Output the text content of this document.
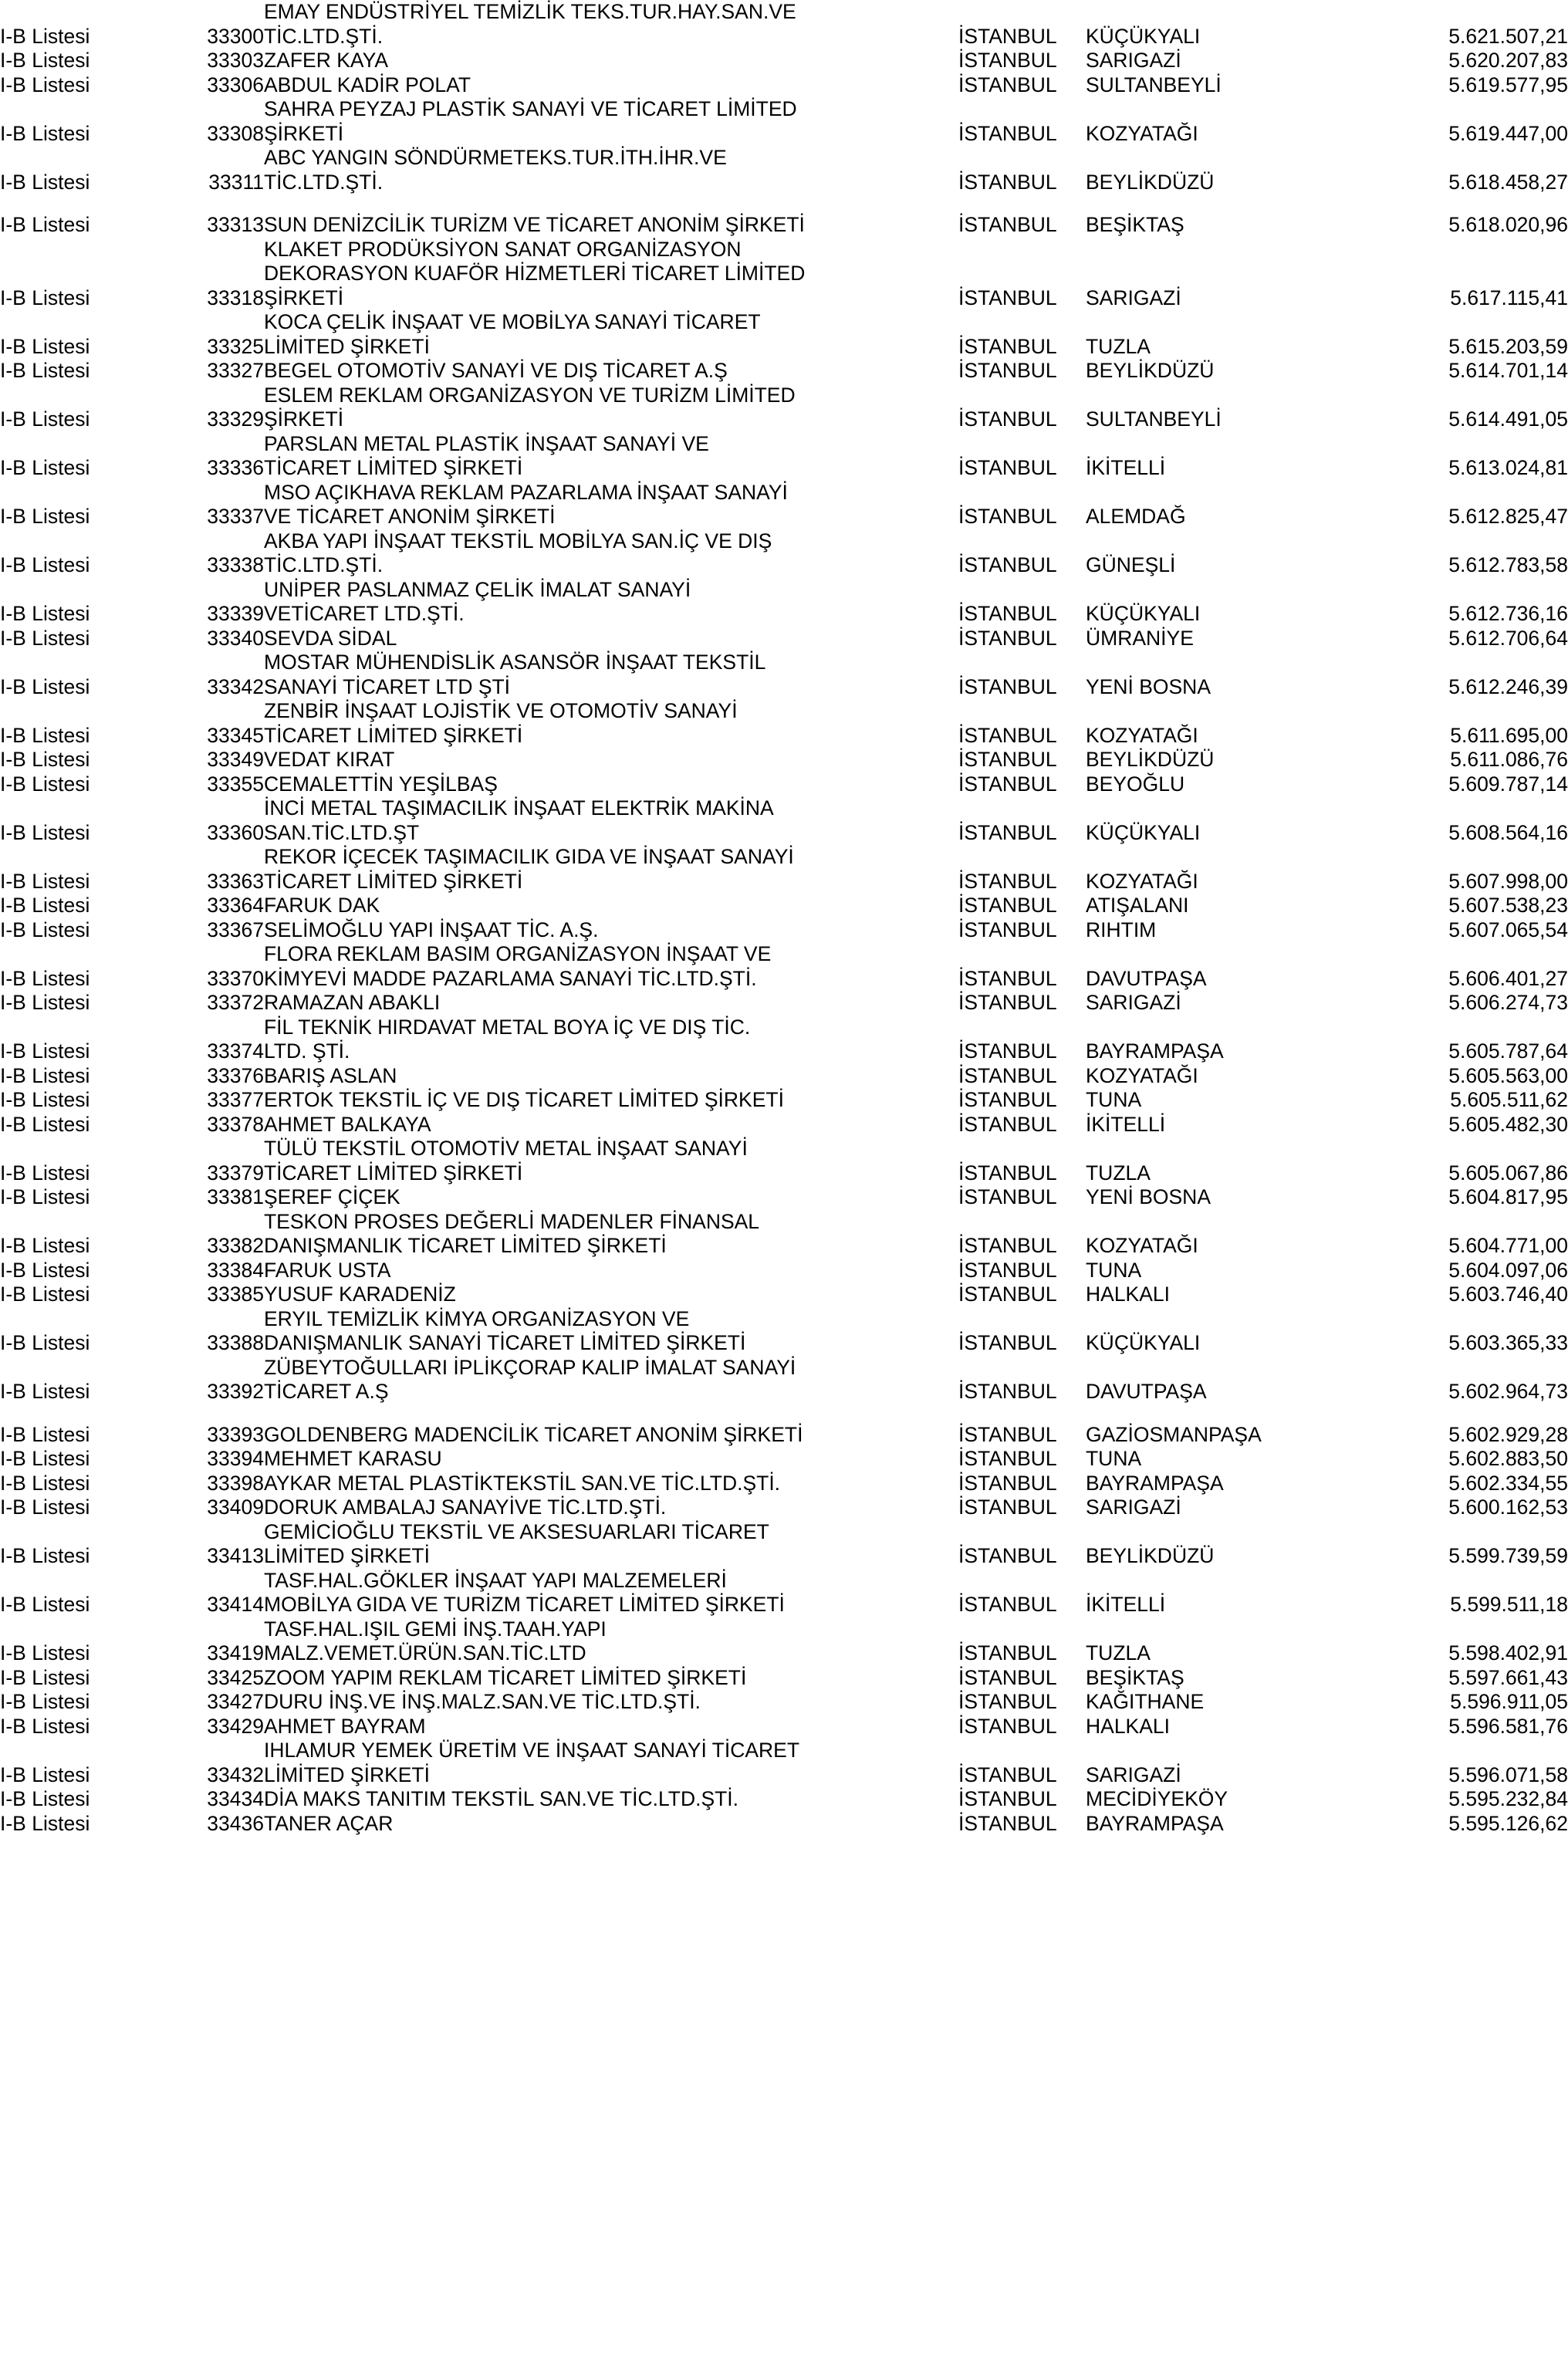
		EMAY ENDÜSTRİYEL TEMİZLİK TEKS.TUR.HAY.SAN.VE			
I-B Listesi	33300	TİC.LTD.ŞTİ.	İSTANBUL	KÜÇÜKYALI	5.621.507,21
I-B Listesi	33303	ZAFER KAYA	İSTANBUL	SARIGAZİ	5.620.207,83
I-B Listesi	33306	ABDUL KADİR POLAT	İSTANBUL	SULTANBEYLİ	5.619.577,95
		SAHRA PEYZAJ PLASTİK SANAYİ VE TİCARET LİMİTED			
I-B Listesi	33308	ŞİRKETİ	İSTANBUL	KOZYATAĞI	5.619.447,00
		ABC YANGIN SÖNDÜRMETEKS.TUR.İTH.İHR.VE			
I-B Listesi	33311	TİC.LTD.ŞTİ.	İSTANBUL	BEYLİKDÜZÜ	5.618.458,27

I-B Listesi	33313	SUN DENİZCİLİK TURİZM VE TİCARET ANONİM ŞİRKETİ	İSTANBUL	BEŞİKTAŞ	5.618.020,96
		KLAKET PRODÜKSİYON SANAT ORGANİZASYON			
		DEKORASYON KUAFÖR HİZMETLERİ TİCARET LİMİTED			
I-B Listesi	33318	ŞİRKETİ	İSTANBUL	SARIGAZİ	5.617.115,41
		KOCA ÇELİK İNŞAAT VE MOBİLYA SANAYİ TİCARET			
I-B Listesi	33325	LİMİTED ŞİRKETİ	İSTANBUL	TUZLA	5.615.203,59
I-B Listesi	33327	BEGEL OTOMOTİV SANAYİ VE DIŞ TİCARET A.Ş	İSTANBUL	BEYLİKDÜZÜ	5.614.701,14
		ESLEM REKLAM ORGANİZASYON VE TURİZM LİMİTED			
I-B Listesi	33329	ŞİRKETİ	İSTANBUL	SULTANBEYLİ	5.614.491,05
		PARSLAN METAL PLASTİK İNŞAAT SANAYİ VE			
I-B Listesi	33336	TİCARET LİMİTED ŞİRKETİ	İSTANBUL	İKİTELLİ	5.613.024,81
		MSO AÇIKHAVA REKLAM PAZARLAMA İNŞAAT SANAYİ			
I-B Listesi	33337	VE TİCARET ANONİM ŞİRKETİ	İSTANBUL	ALEMDAĞ	5.612.825,47
		AKBA YAPI İNŞAAT TEKSTİL MOBİLYA SAN.İÇ VE DIŞ			
I-B Listesi	33338	TİC.LTD.ŞTİ.	İSTANBUL	GÜNEŞLİ	5.612.783,58
		UNİPER PASLANMAZ ÇELİK İMALAT SANAYİ			
I-B Listesi	33339	VETİCARET LTD.ŞTİ.	İSTANBUL	KÜÇÜKYALI	5.612.736,16
I-B Listesi	33340	SEVDA SİDAL	İSTANBUL	ÜMRANİYE	5.612.706,64
		MOSTAR MÜHENDİSLİK ASANSÖR İNŞAAT TEKSTİL			
I-B Listesi	33342	SANAYİ TİCARET LTD ŞTİ	İSTANBUL	YENİ BOSNA	5.612.246,39
		ZENBİR İNŞAAT LOJİSTİK VE OTOMOTİV SANAYİ			
I-B Listesi	33345	TİCARET LİMİTED ŞİRKETİ	İSTANBUL	KOZYATAĞI	5.611.695,00
I-B Listesi	33349	VEDAT KIRAT	İSTANBUL	BEYLİKDÜZÜ	5.611.086,76
I-B Listesi	33355	CEMALETTİN YEŞİLBAŞ	İSTANBUL	BEYOĞLU	5.609.787,14
		İNCİ METAL TAŞIMACILIK İNŞAAT ELEKTRİK MAKİNA			
I-B Listesi	33360	SAN.TİC.LTD.ŞT	İSTANBUL	KÜÇÜKYALI	5.608.564,16
		REKOR İÇECEK TAŞIMACILIK GIDA VE İNŞAAT SANAYİ			
I-B Listesi	33363	TİCARET LİMİTED ŞİRKETİ	İSTANBUL	KOZYATAĞI	5.607.998,00
I-B Listesi	33364	FARUK DAK	İSTANBUL	ATIŞALANI	5.607.538,23
I-B Listesi	33367	SELİMOĞLU YAPI İNŞAAT TİC. A.Ş.	İSTANBUL	RIHTIM	5.607.065,54
		FLORA REKLAM BASIM ORGANİZASYON İNŞAAT VE			
I-B Listesi	33370	KİMYEVİ MADDE PAZARLAMA SANAYİ TİC.LTD.ŞTİ.	İSTANBUL	DAVUTPAŞA	5.606.401,27
I-B Listesi	33372	RAMAZAN ABAKLI	İSTANBUL	SARIGAZİ	5.606.274,73
		FİL TEKNİK HIRDAVAT METAL BOYA İÇ VE DIŞ TİC.			
I-B Listesi	33374	LTD. ŞTİ.	İSTANBUL	BAYRAMPAŞA	5.605.787,64
I-B Listesi	33376	BARIŞ ASLAN	İSTANBUL	KOZYATAĞI	5.605.563,00
I-B Listesi	33377	ERTOK TEKSTİL İÇ VE DIŞ TİCARET LİMİTED ŞİRKETİ	İSTANBUL	TUNA	5.605.511,62
I-B Listesi	33378	AHMET BALKAYA	İSTANBUL	İKİTELLİ	5.605.482,30
		TÜLÜ TEKSTİL OTOMOTİV METAL İNŞAAT SANAYİ			
I-B Listesi	33379	TİCARET LİMİTED ŞİRKETİ	İSTANBUL	TUZLA	5.605.067,86
I-B Listesi	33381	ŞEREF ÇİÇEK	İSTANBUL	YENİ BOSNA	5.604.817,95
		TESKON PROSES DEĞERLİ MADENLER FİNANSAL			
I-B Listesi	33382	DANIŞMANLIK TİCARET LİMİTED ŞİRKETİ	İSTANBUL	KOZYATAĞI	5.604.771,00
I-B Listesi	33384	FARUK USTA	İSTANBUL	TUNA	5.604.097,06
I-B Listesi	33385	YUSUF KARADENİZ	İSTANBUL	HALKALI	5.603.746,40
		ERYIL TEMİZLİK KİMYA ORGANİZASYON VE			
I-B Listesi	33388	DANIŞMANLIK SANAYİ TİCARET LİMİTED ŞİRKETİ	İSTANBUL	KÜÇÜKYALI	5.603.365,33
		ZÜBEYTOĞULLARI İPLİKÇORAP KALIP İMALAT SANAYİ			
I-B Listesi	33392	TİCARET A.Ş	İSTANBUL	DAVUTPAŞA	5.602.964,73

I-B Listesi	33393	GOLDENBERG MADENCİLİK TİCARET ANONİM ŞİRKETİ	İSTANBUL	GAZİOSMANPAŞA	5.602.929,28
I-B Listesi	33394	MEHMET KARASU	İSTANBUL	TUNA	5.602.883,50
I-B Listesi	33398	AYKAR METAL PLASTİKTEKSTİL SAN.VE TİC.LTD.ŞTİ.	İSTANBUL	BAYRAMPAŞA	5.602.334,55
I-B Listesi	33409	DORUK AMBALAJ SANAYİVE TİC.LTD.ŞTİ.	İSTANBUL	SARIGAZİ	5.600.162,53
		GEMİCİOĞLU TEKSTİL VE AKSESUARLARI TİCARET			
I-B Listesi	33413	LİMİTED ŞİRKETİ	İSTANBUL	BEYLİKDÜZÜ	5.599.739,59
		TASF.HAL.GÖKLER İNŞAAT YAPI MALZEMELERİ			
I-B Listesi	33414	MOBİLYA GIDA VE TURİZM TİCARET LİMİTED ŞİRKETİ	İSTANBUL	İKİTELLİ	5.599.511,18
		TASF.HAL.IŞIL GEMİ İNŞ.TAAH.YAPI			
I-B Listesi	33419	MALZ.VEMET.ÜRÜN.SAN.TİC.LTD	İSTANBUL	TUZLA	5.598.402,91
I-B Listesi	33425	ZOOM YAPIM REKLAM TİCARET LİMİTED ŞİRKETİ	İSTANBUL	BEŞİKTAŞ	5.597.661,43
I-B Listesi	33427	DURU İNŞ.VE İNŞ.MALZ.SAN.VE TİC.LTD.ŞTİ.	İSTANBUL	KAĞITHANE	5.596.911,05
I-B Listesi	33429	AHMET BAYRAM	İSTANBUL	HALKALI	5.596.581,76
		IHLAMUR YEMEK ÜRETİM VE İNŞAAT SANAYİ TİCARET			
I-B Listesi	33432	LİMİTED ŞİRKETİ	İSTANBUL	SARIGAZİ	5.596.071,58
I-B Listesi	33434	DİA MAKS TANITIM TEKSTİL SAN.VE TİC.LTD.ŞTİ.	İSTANBUL	MECİDİYEKÖY	5.595.232,84
I-B Listesi	33436	TANER AÇAR	İSTANBUL	BAYRAMPAŞA	5.595.126,62
